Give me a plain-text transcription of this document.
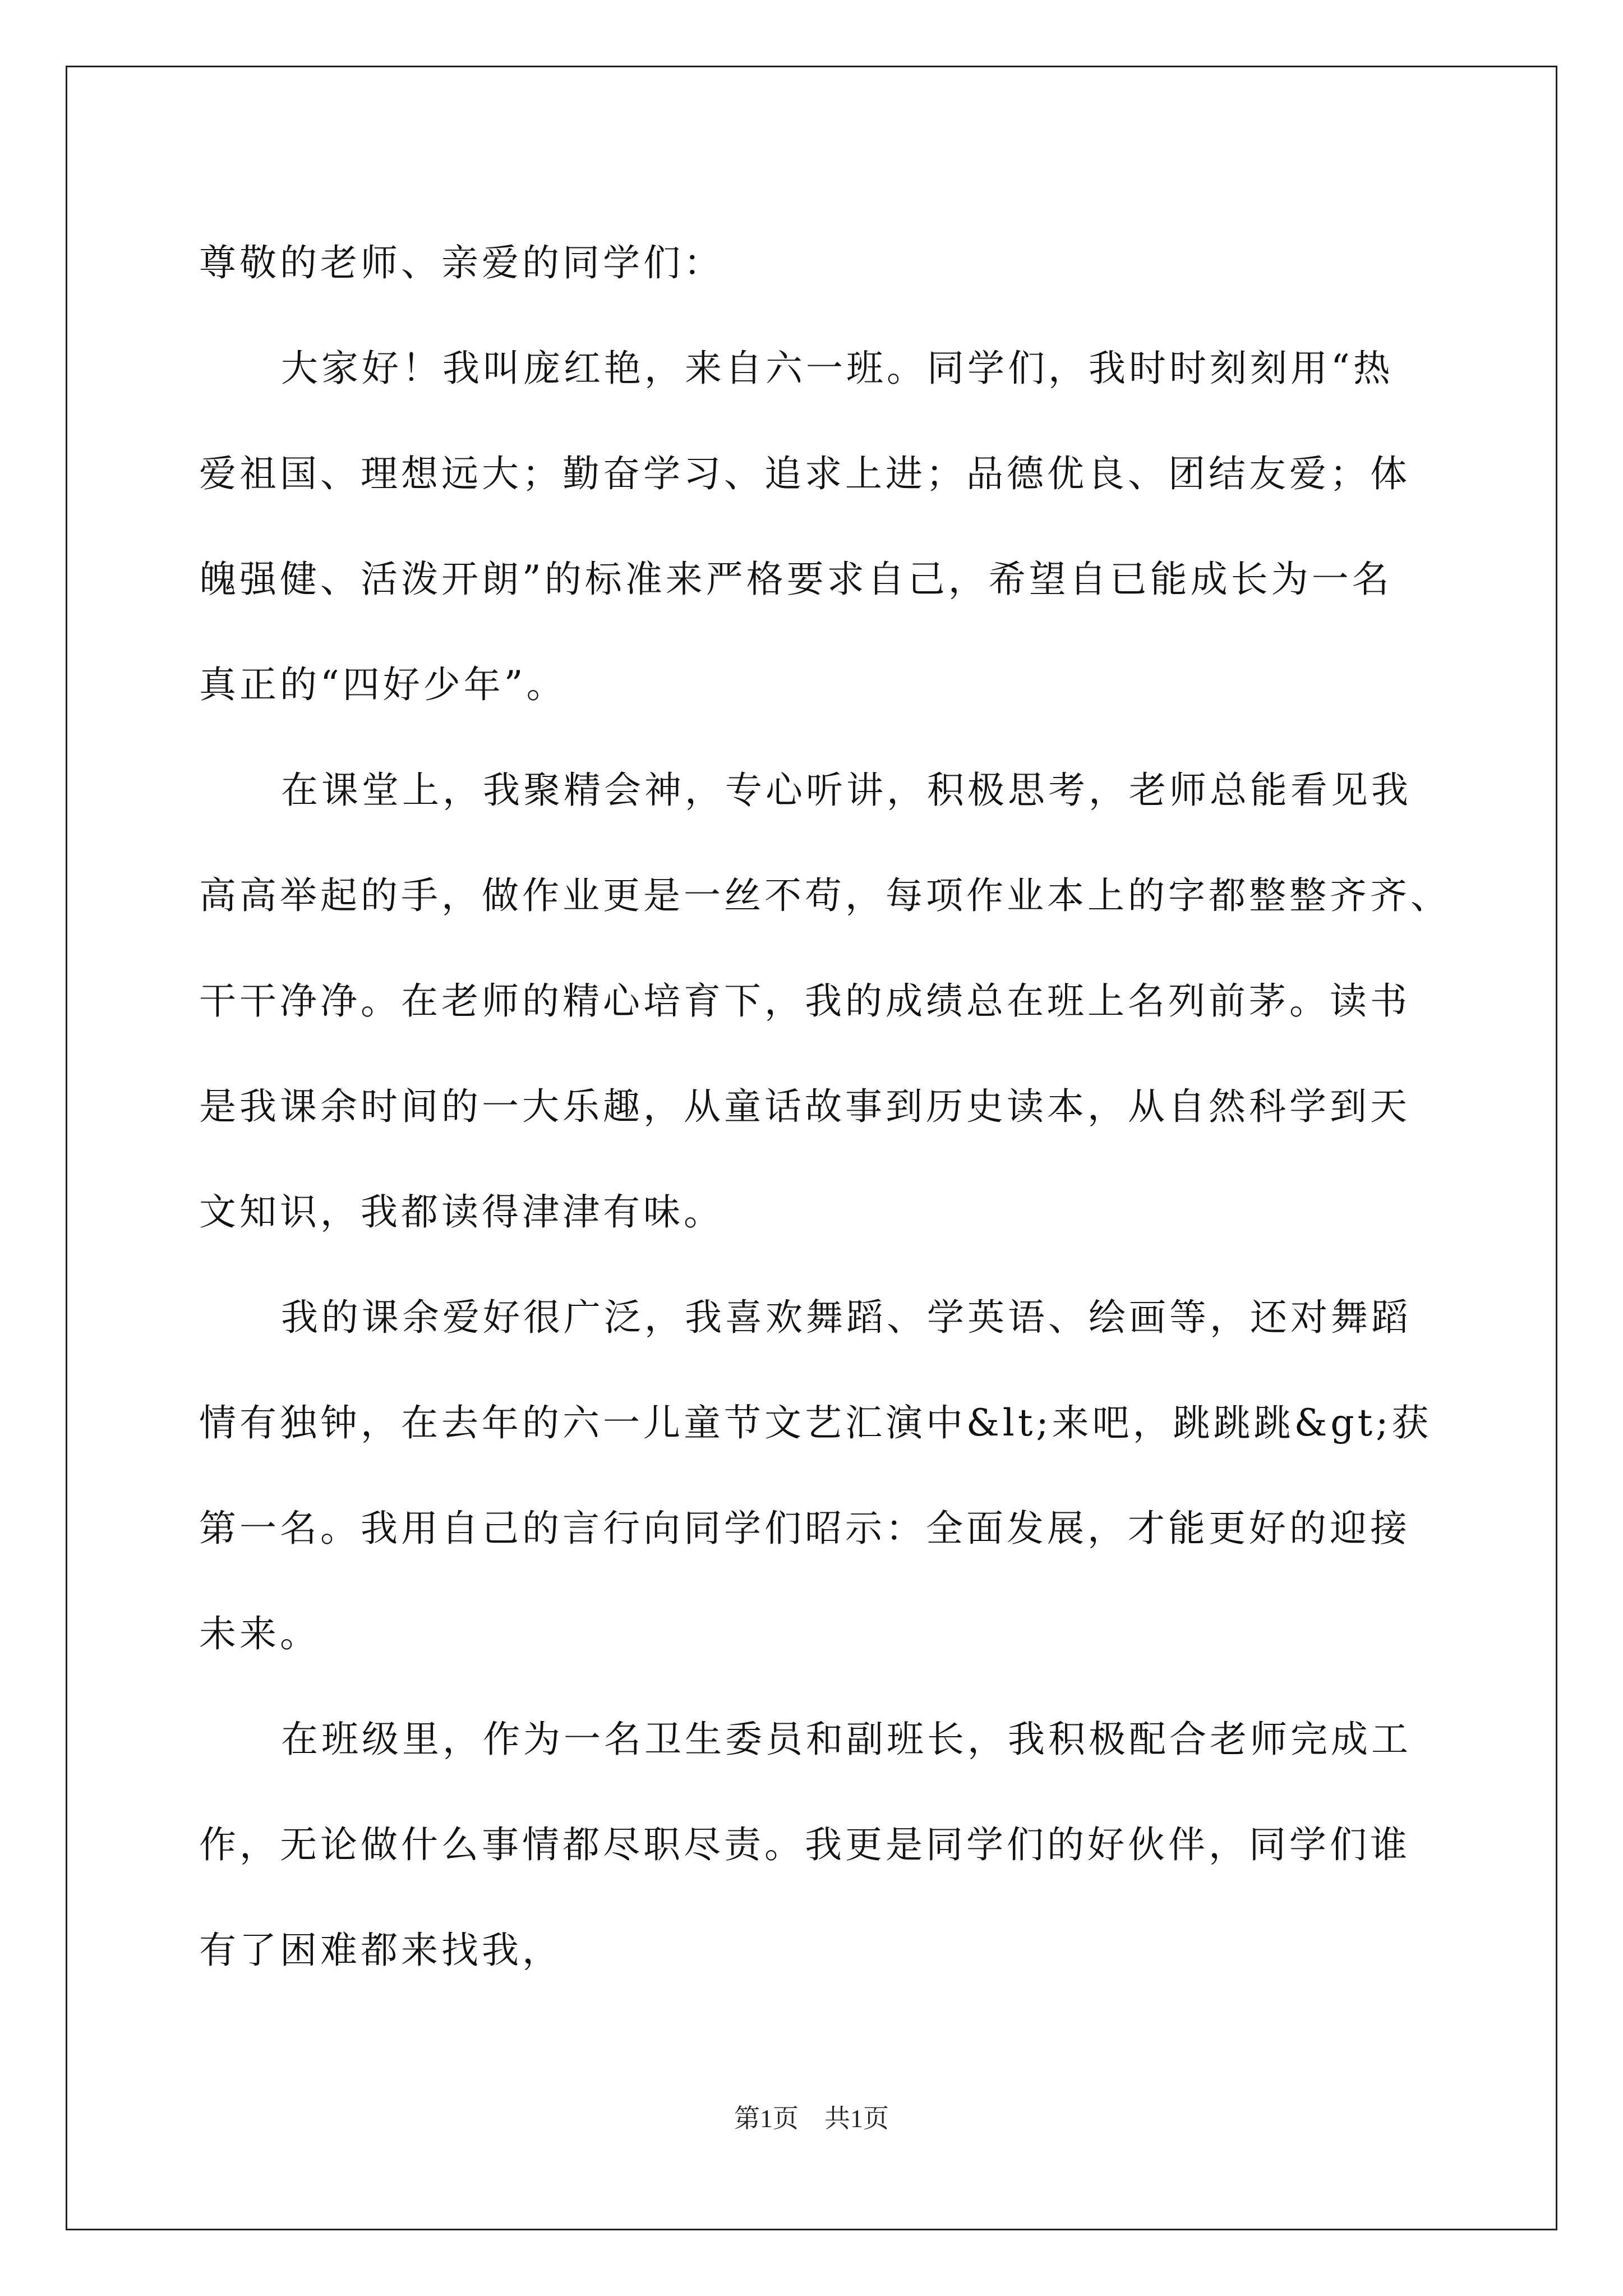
尊敬的老师、亲爱的同学们：
大家好！我叫庞红艳，来自六一班。同学们，我时时刻刻用“热
爱祖国、理想远大；勤奋学习、追求上进；品德优良、团结友爱；体
魄强健、活泼开朗”的标准来严格要求自己，希望自已能成长为一名
真正的“四好少年”。
在课堂上，我聚精会神，专心听讲，积极思考，老师总能看见我
高高举起的手，做作业更是一丝不苟，每项作业本上的字都整整齐齐、
干干净净。在老师的精心培育下，我的成绩总在班上名列前茅。读书
是我课余时间的一大乐趣，从童话故事到历史读本，从自然科学到天
文知识，我都读得津津有味。
我的课余爱好很广泛，我喜欢舞蹈、学英语、绘画等，还对舞蹈
情有独钟，在去年的六一儿童节文艺汇演中&lt;来吧，跳跳跳&gt;获
第一名。我用自己的言行向同学们昭示：全面发展，才能更好的迎接
未来。
在班级里，作为一名卫生委员和副班长，我积极配合老师完成工
作，无论做什么事情都尽职尽责。我更是同学们的好伙伴，同学们谁
有了困难都来找我，
第1页　共1页
